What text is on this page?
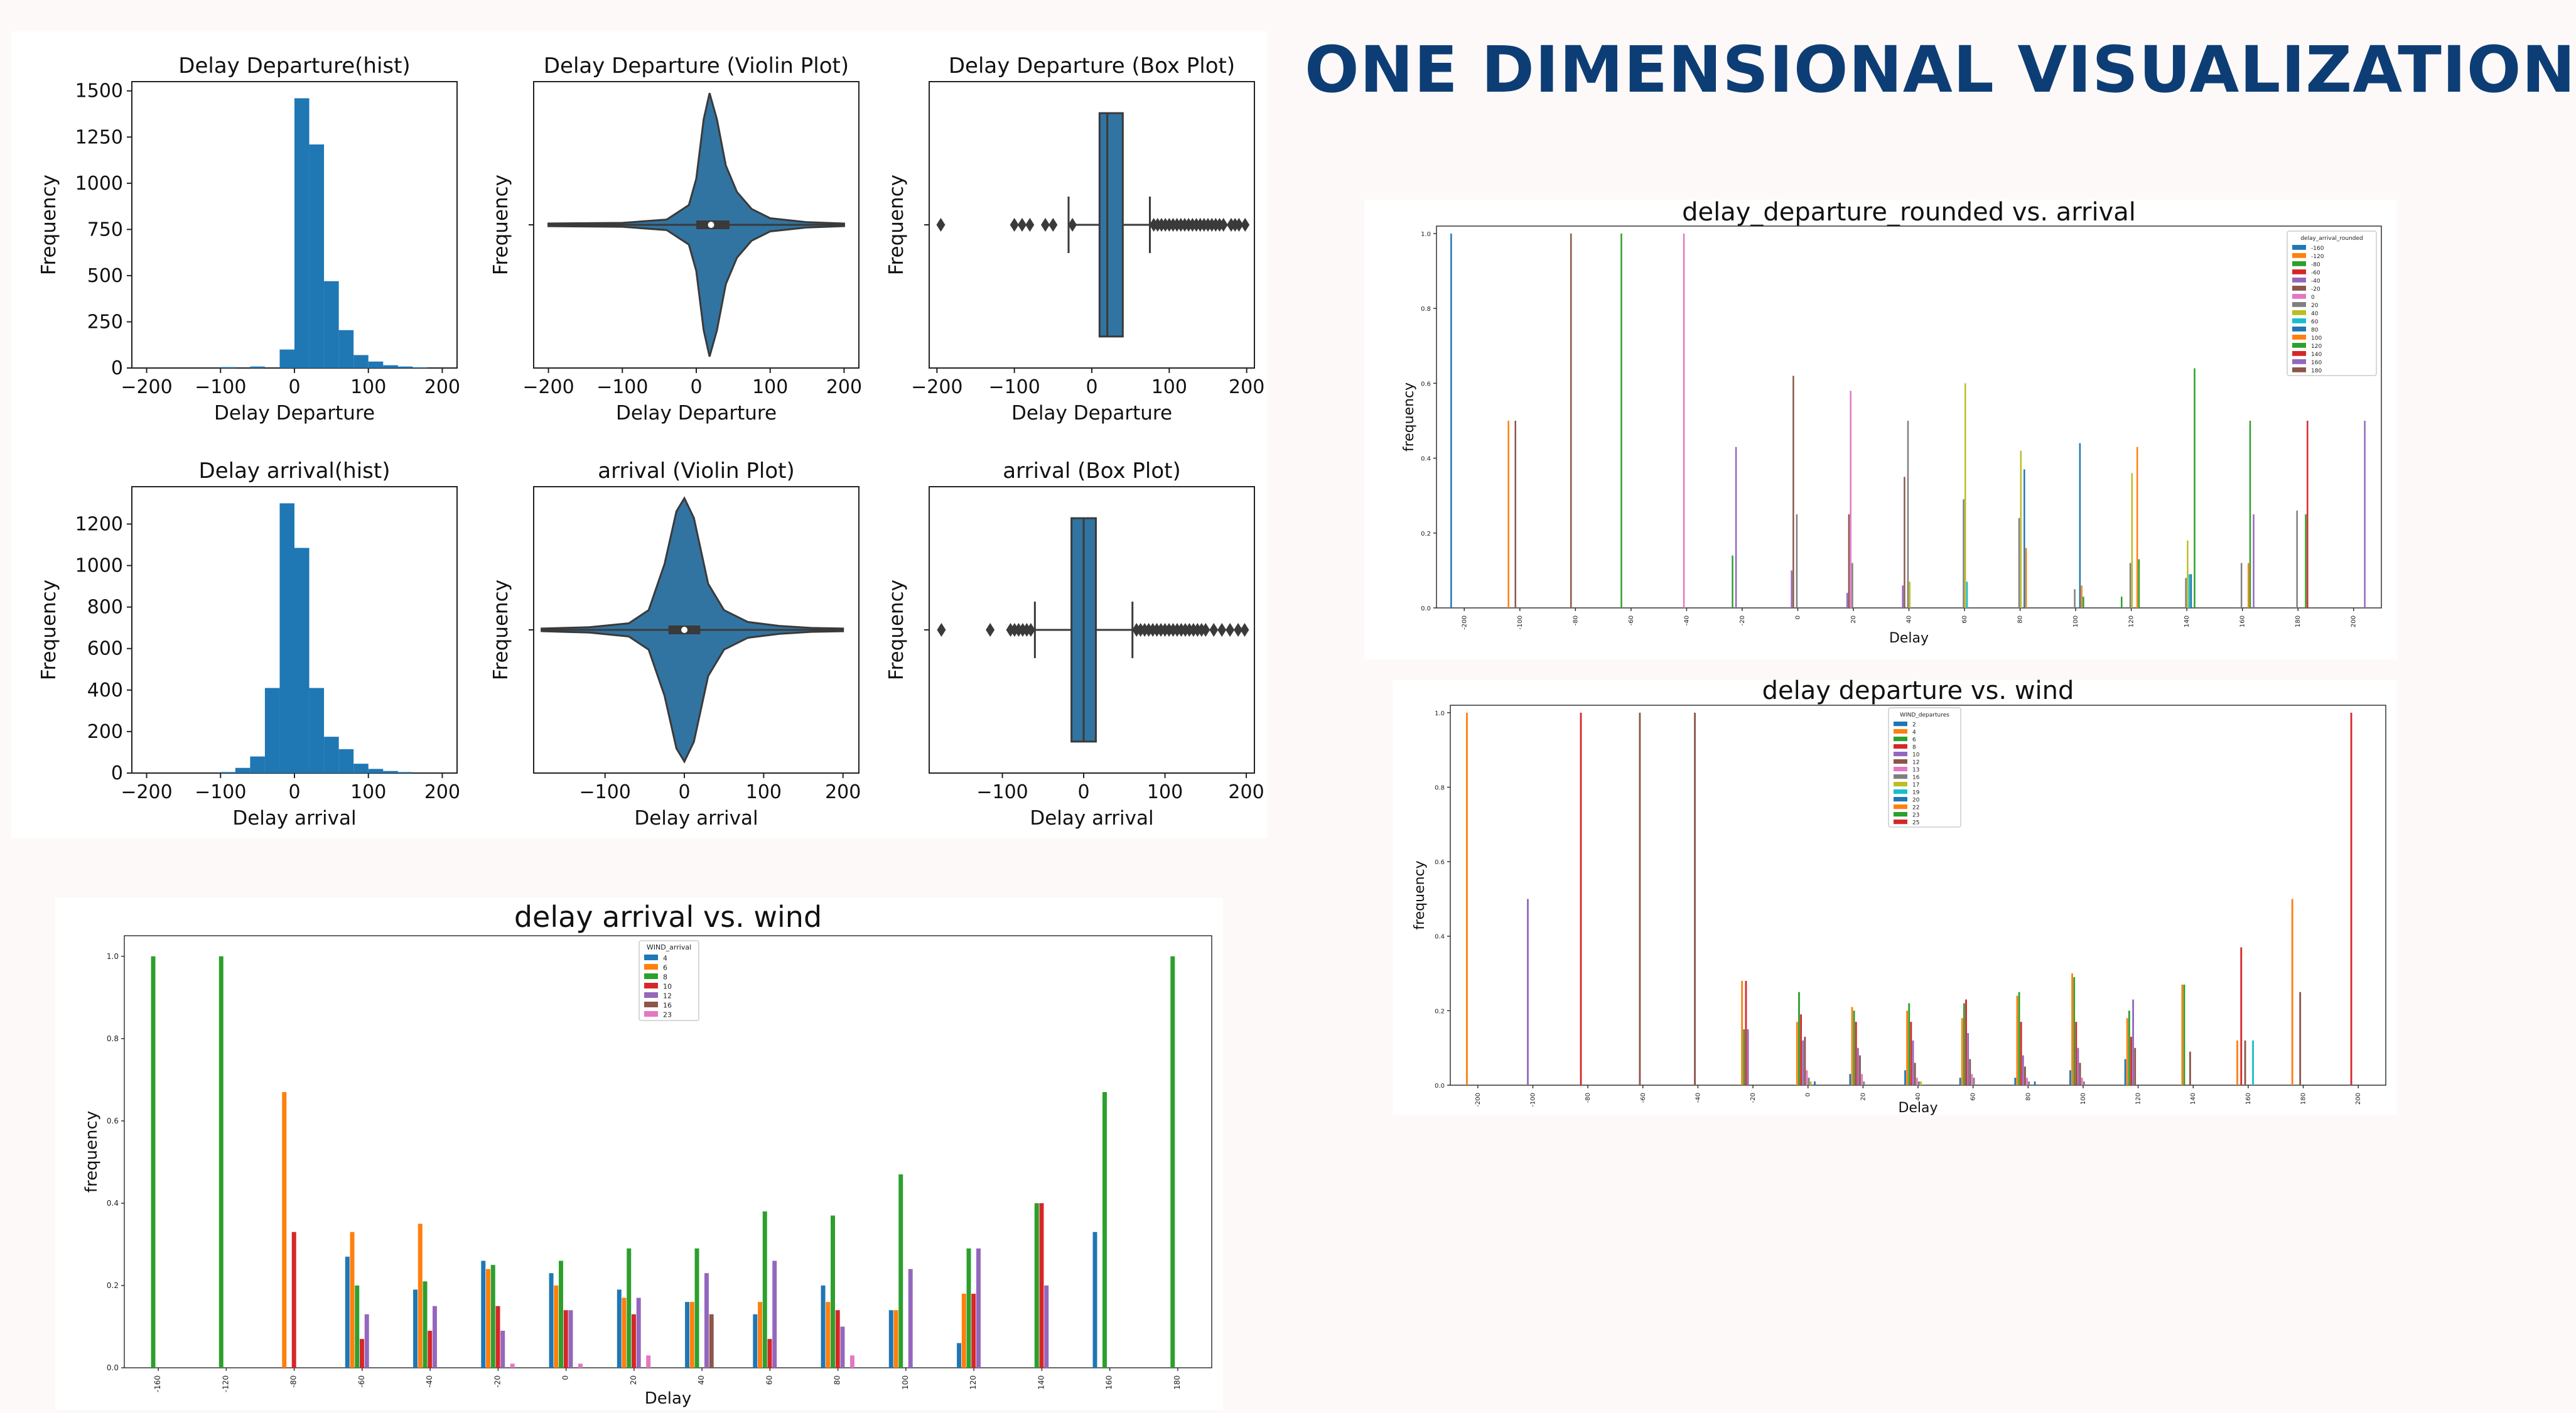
ONE DIMENSIONAL VISUALIZATION
Delay Departure(hist)
−200 −100 0	100 200
Delay Departure
Frequency
0
250
500
750
1000
1250
1500
Delay Departure (Violin Plot)
−200 −100 0	100 200
Delay Departure
Frequency
Delay Departure (Box Plot)
−200 −100 0	100 200
Delay Departure
Frequency
Delay arrival(hist)
−200 −100 0	100 200
Delay arrival
Frequency
0
200
400
600
800
1000
1200
arrival (Violin Plot)
−100	0	100 200
Delay arrival
Frequency
arrival (Box Plot)
−100	0	100 200
Delay arrival
Frequency
delay arrival vs. wind
0.0
0.2
0.4
0.6
0.8
1.0
-160	-120	-80	-60	-40	-20	0	20	40	60	80	100	120	140	160	180
Delay
frequency
WIND_arrival
4
6
8
10
12
16
23
delay_departure_rounded vs. arrival
0.0
0.2
0.4
0.6
0.8
1.0
-200	-100	-80	-60	-40	-20	0	20	40	60	80	100	120	140	160	180	200
Delay
frequency
delay_arrival_rounded
-160
-120
-80
-60
-40
-20
0
20
40
60
80
100
120
140
160
180
delay departure vs. wind
0.0
0.2
0.4
0.6
0.8
1.0
-200	-100	-80	-60	-40	-20	0	20	40	60	80	100	120	140	160	180	200
Delay
frequency
WIND_departures
2
4
6
8
10
12
13
16
17
19
20
22
23
25
